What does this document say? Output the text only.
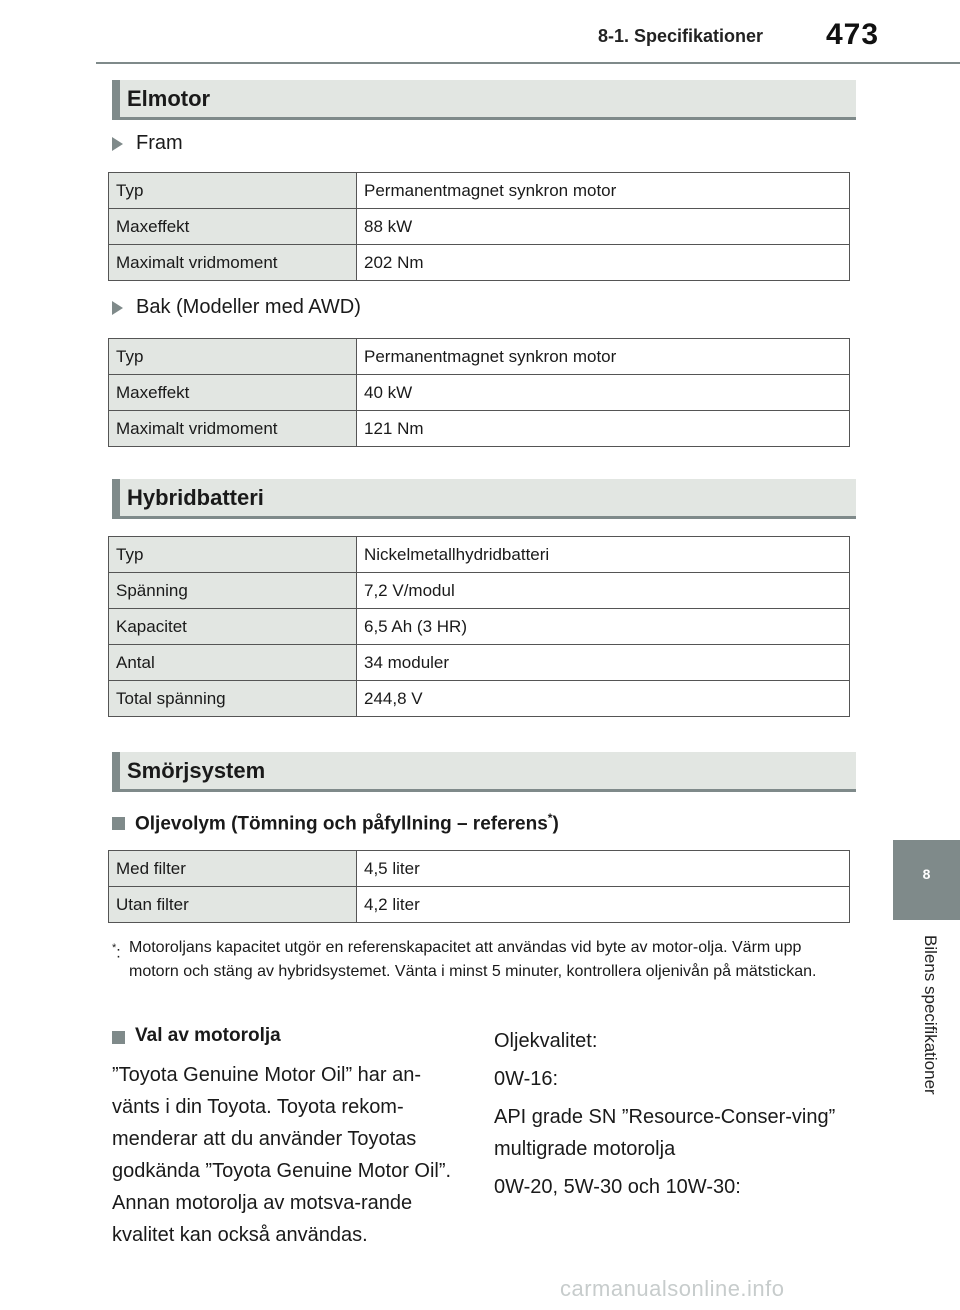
8-1. Specifikationer 473
8
Bilens specifikationer
Elmotor
Fram
Typ	Permanentmagnet synkron motor
Maxeffekt	88 kW
Maximalt vridmoment	202 Nm
Bak (Modeller med AWD)
Typ	Permanentmagnet synkron motor
Maxeffekt	40 kW
Maximalt vridmoment	121 Nm
Hybridbatteri
Typ	Nickelmetallhydridbatteri
Spänning	7,2 V/modul
Kapacitet	6,5 Ah (3 HR)
Antal	34 moduler
Total spänning	244,8 V
Smörjsystem
Oljevolym (Tömning och påfyllning – referens*)
Med filter	4,5 liter
Utan filter	4,2 liter
*: Motoroljans kapacitet utgör en referenskapacitet att användas vid byte av motor-olja. Värm upp motorn och stäng av hybridsystemet. Vänta i minst 5 minuter, kontrollera oljenivån på mätstickan.
Val av motorolja
”Toyota Genuine Motor Oil” har an-vänts i din Toyota. Toyota rekom-menderar att du använder Toyotas godkända ”Toyota Genuine Motor Oil”. Annan motorolja av motsva-rande kvalitet kan också användas.

Oljekvalitet:

0W-16:

API grade SN ”Resource-Conser-ving” multigrade motorolja

0W-20, 5W-30 och 10W-30:

carmanualsonline.info
